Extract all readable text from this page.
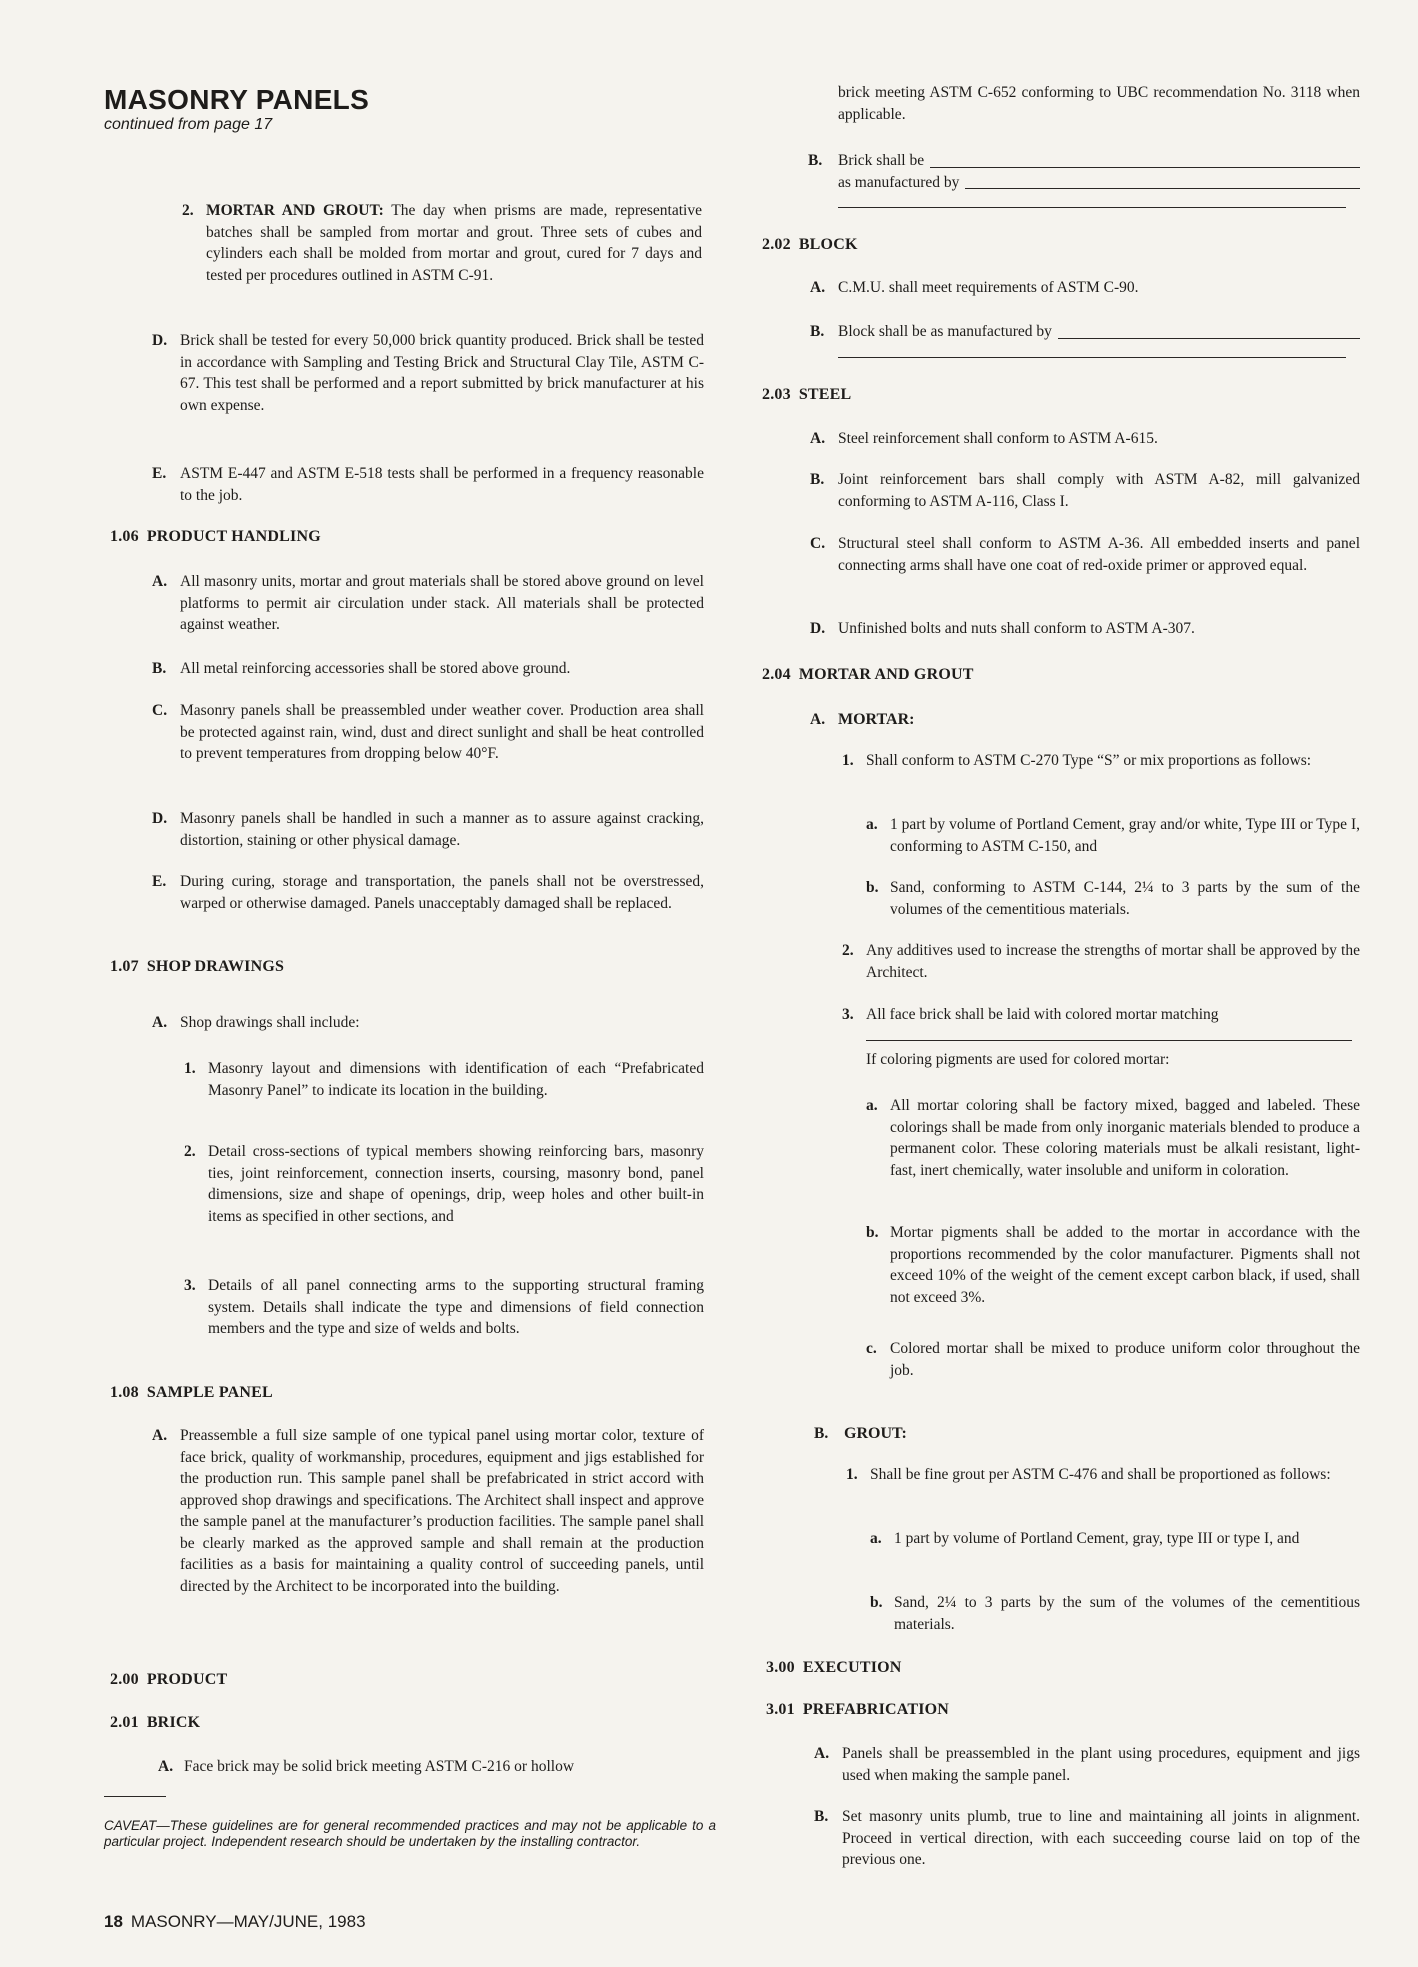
MASONRY PANELS
continued from page 17
2. MORTAR AND GROUT: The day when prisms are made, representative batches shall be sampled from mortar and grout. Three sets of cubes and cylinders each shall be molded from mortar and grout, cured for 7 days and tested per procedures outlined in ASTM C-91.

D. Brick shall be tested for every 50,000 brick quantity produced. Brick shall be tested in accordance with Sampling and Testing Brick and Structural Clay Tile, ASTM C-67. This test shall be performed and a report submitted by brick manufacturer at his own expense.

E. ASTM E-447 and ASTM E-518 tests shall be performed in a frequency reasonable to the job.

1.06 PRODUCT HANDLING
A. All masonry units, mortar and grout materials shall be stored above ground on level platforms to permit air circulation under stack. All materials shall be protected against weather.

B. All metal reinforcing accessories shall be stored above ground.

C. Masonry panels shall be preassembled under weather cover. Production area shall be protected against rain, wind, dust and direct sunlight and shall be heat controlled to prevent temperatures from dropping below 40°F.

D. Masonry panels shall be handled in such a manner as to assure against cracking, distortion, staining or other physical damage.

E. During curing, storage and transportation, the panels shall not be overstressed, warped or otherwise damaged. Panels unacceptably damaged shall be replaced.

1.07 SHOP DRAWINGS
A. Shop drawings shall include:

1. Masonry layout and dimensions with identification of each “Prefabricated Masonry Panel” to indicate its location in the building.

2. Detail cross-sections of typical members showing reinforcing bars, masonry ties, joint reinforcement, connection inserts, coursing, masonry bond, panel dimensions, size and shape of openings, drip, weep holes and other built-in items as specified in other sections, and

3. Details of all panel connecting arms to the supporting structural framing system. Details shall indicate the type and dimensions of field connection members and the type and size of welds and bolts.

1.08 SAMPLE PANEL
A. Preassemble a full size sample of one typical panel using mortar color, texture of face brick, quality of workmanship, procedures, equipment and jigs established for the production run. This sample panel shall be prefabricated in strict accord with approved shop drawings and specifications. The Architect shall inspect and approve the sample panel at the manufacturer’s production facilities. The sample panel shall be clearly marked as the approved sample and shall remain at the production facilities as a basis for maintaining a quality control of succeeding panels, until directed by the Architect to be incorporated into the building.

2.00 PRODUCT
2.01 BRICK
A. Face brick may be solid brick meeting ASTM C-216 or hollow

CAVEAT—These guidelines are for general recommended practices and may not be applicable to a particular project. Independent research should be undertaken by the installing contractor.

18 MASONRY—MAY/JUNE, 1983

brick meeting ASTM C-652 conforming to UBC recommendation No. 3118 when applicable.

B.	Brick shall be
as manufactured by
2.02 BLOCK
A. C.M.U. shall meet requirements of ASTM C-90.

B. Block shall be as manufactured by
2.03 STEEL
A. Steel reinforcement shall conform to ASTM A-615.

B. Joint reinforcement bars shall comply with ASTM A-82, mill galvanized conforming to ASTM A-116, Class I.

C. Structural steel shall conform to ASTM A-36. All embedded inserts and panel connecting arms shall have one coat of red-oxide primer or approved equal.

D. Unfinished bolts and nuts shall conform to ASTM A-307.

2.04 MORTAR AND GROUT
A. MORTAR:
1. Shall conform to ASTM C-270 Type “S” or mix proportions as follows:

a. 1 part by volume of Portland Cement, gray and/or white, Type III or Type I, conforming to ASTM C-150, and

b. Sand, conforming to ASTM C-144, 2¼ to 3 parts by the sum of the volumes of the cementitious materials.

2. Any additives used to increase the strengths of mortar shall be approved by the Architect.

3. All face brick shall be laid with colored mortar matching

If coloring pigments are used for colored mortar:

a. All mortar coloring shall be factory mixed, bagged and labeled. These colorings shall be made from only inorganic materials blended to produce a permanent color. These coloring materials must be alkali resistant, light-fast, inert chemically, water insoluble and uniform in coloration.

b. Mortar pigments shall be added to the mortar in accordance with the proportions recommended by the color manufacturer. Pigments shall not exceed 10% of the weight of the cement except carbon black, if used, shall not exceed 3%.

c. Colored mortar shall be mixed to produce uniform color throughout the job.

B. GROUT:
1. Shall be fine grout per ASTM C-476 and shall be proportioned as follows:

a. 1 part by volume of Portland Cement, gray, type III or type I, and

b. Sand, 2¼ to 3 parts by the sum of the volumes of the cementitious materials.

3.00 EXECUTION
3.01 PREFABRICATION
A. Panels shall be preassembled in the plant using procedures, equipment and jigs used when making the sample panel.

B. Set masonry units plumb, true to line and maintaining all joints in alignment. Proceed in vertical direction, with each succeeding course laid on top of the previous one.
